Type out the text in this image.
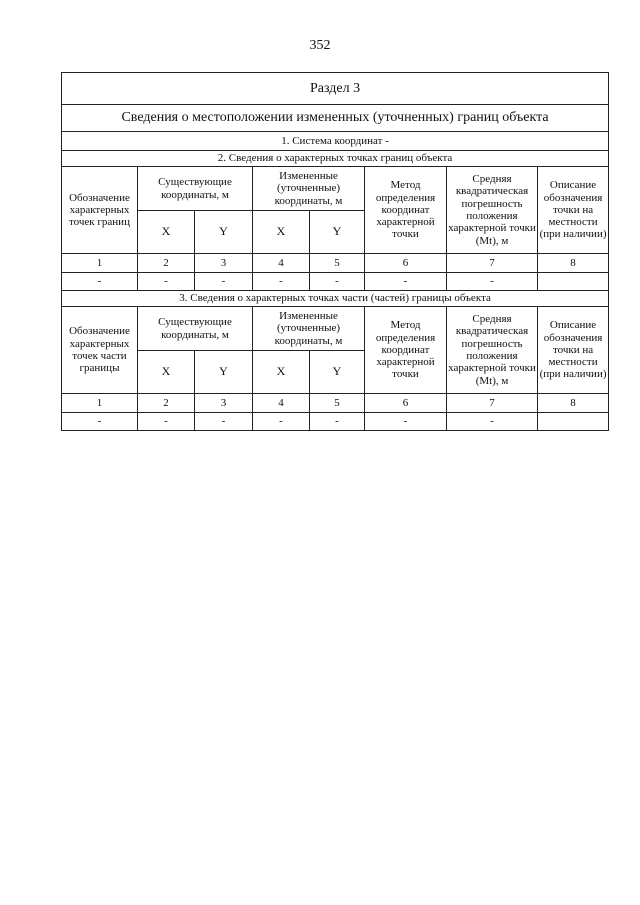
352
Раздел 3							
Сведения о местоположении измененных (уточненных) границ объекта							
1. Система координат -							
2. Сведения о характерных точках границ объекта							
Обозначение характерных точек границ	Существующие координаты, м		Измененные (уточненные) координаты, м		Метод определения координат характерной точки	Средняя квадратическая погрешность положения характерной точки (Mt), м	Описание обозначения точки на местности (при наличии)
	X	Y	X	Y			
1	2	3	4	5	6	7	8
-	-	-	-	-	-	-	
3. Сведения о характерных точках части (частей) границы объекта							
Обозначение характерных точек части границы	Существующие координаты, м		Измененные (уточненные) координаты, м		Метод определения координат характерной точки	Средняя квадратическая погрешность положения характерной точки (Mt), м	Описание обозначения точки на местности (при наличии)
	X	Y	X	Y			
1	2	3	4	5	6	7	8
-	-	-	-	-	-	-	
